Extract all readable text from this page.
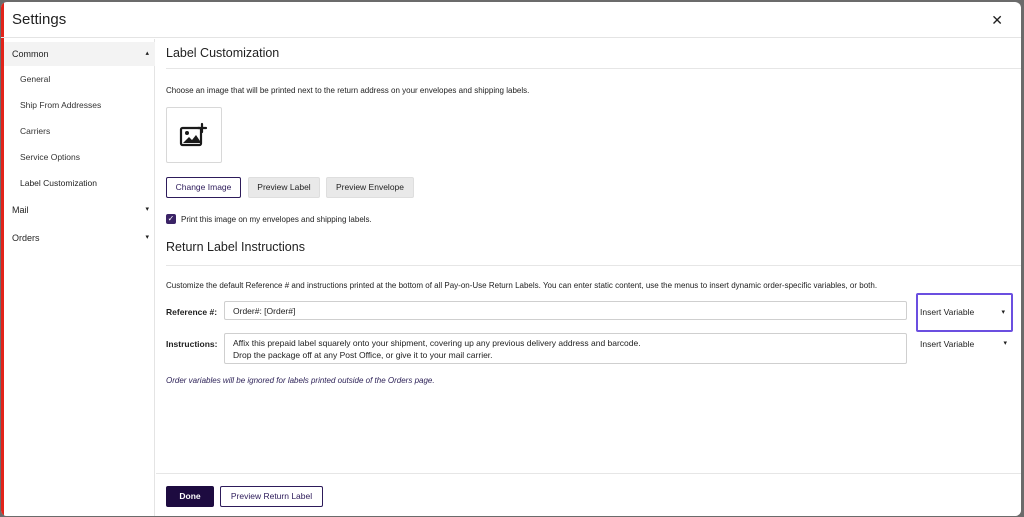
Settings	✕
Common	▴
General
Ship From Addresses
Carriers
Service Options
Label Customization
Mail	▾
Orders	▾
Label Customization
Choose an image that will be printed next to the return address on your envelopes and shipping labels.
Change Image	Preview Label	Preview Envelope
✓ Print this image on my envelopes and shipping labels.
Return Label Instructions
Customize the default Reference # and instructions printed at the bottom of all Pay-on-Use Return Labels. You can enter static content, use the menus to insert dynamic order-specific variables, or both.
Reference #:	Order#: [Order#]	Insert Variable	▾
Instructions: Affix this prepaid label squarely onto your shipment, covering up any previous delivery address and barcode.
Drop the package off at any Post Office, or give it to your mail carrier.
Insert Variable	▾
Order variables will be ignored for labels printed outside of the Orders page.
Done	Preview Return Label
